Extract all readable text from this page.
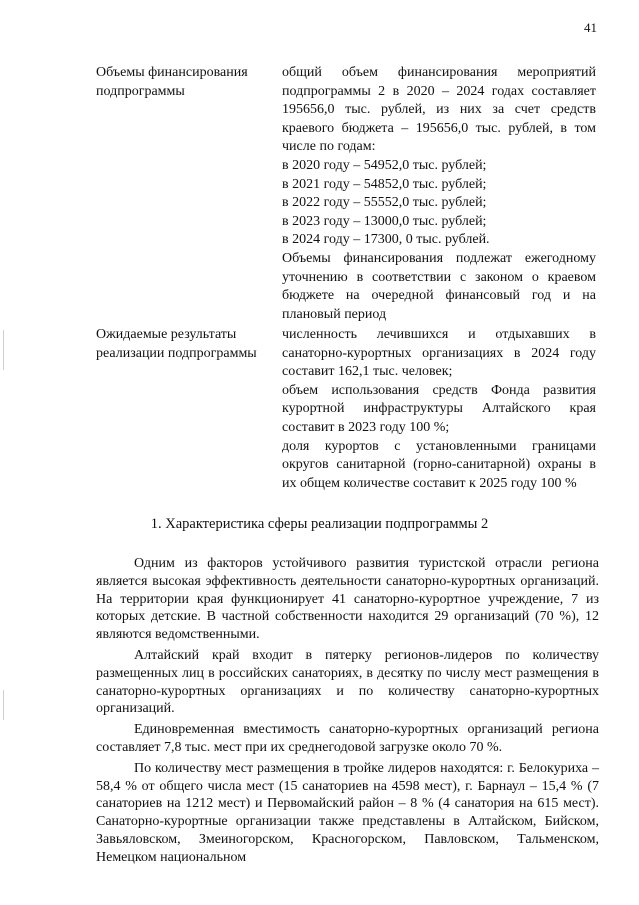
41
Объемы финансирования подпрограммы
общий объем финансирования мероприятий подпрограммы 2 в 2020 – 2024 годах составляет 195656,0 тыс. рублей, из них за счет средств краевого бюджета – 195656,0 тыс. рублей, в том числе по годам:
в 2020 году – 54952,0 тыс. рублей;
в 2021 году – 54852,0 тыс. рублей;
в 2022 году – 55552,0 тыс. рублей;
в 2023 году – 13000,0 тыс. рублей;
в 2024 году – 17300, 0 тыс. рублей.
Объемы финансирования подлежат ежегодному уточнению в соответствии с законом о краевом бюджете на очередной финансовый год и на плановый период
Ожидаемые результаты реализации подпрограммы
численность лечившихся и отдыхавших в санаторно-курортных организациях в 2024 году составит 162,1 тыс. человек;
объем использования средств Фонда развития курортной инфраструктуры Алтайского края составит в 2023 году 100 %;
доля курортов с установленными границами округов санитарной (горно-санитарной) охраны в их общем количестве составит к 2025 году 100 %
1. Характеристика сферы реализации подпрограммы 2
Одним из факторов устойчивого развития туристской отрасли региона является высокая эффективность деятельности санаторно-курортных организаций. На территории края функционирует 41 санаторно-курортное учреждение, 7 из которых детские. В частной собственности находится 29 организаций (70 %), 12 являются ведомственными.
Алтайский край входит в пятерку регионов-лидеров по количеству размещенных лиц в российских санаториях, в десятку по числу мест размещения в санаторно-курортных организациях и по количеству санаторно-курортных организаций.
Единовременная вместимость санаторно-курортных организаций региона составляет 7,8 тыс. мест при их среднегодовой загрузке около 70 %.
По количеству мест размещения в тройке лидеров находятся: г. Белокуриха – 58,4 % от общего числа мест (15 санаториев на 4598 мест), г. Барнаул – 15,4 % (7 санаториев на 1212 мест) и Первомайский район – 8 % (4 санатория на 615 мест). Санаторно-курортные организации также представлены в Алтайском, Бийском, Завьяловском, Змеиногорском, Красногорском, Павловском, Тальменском, Немецком национальном
